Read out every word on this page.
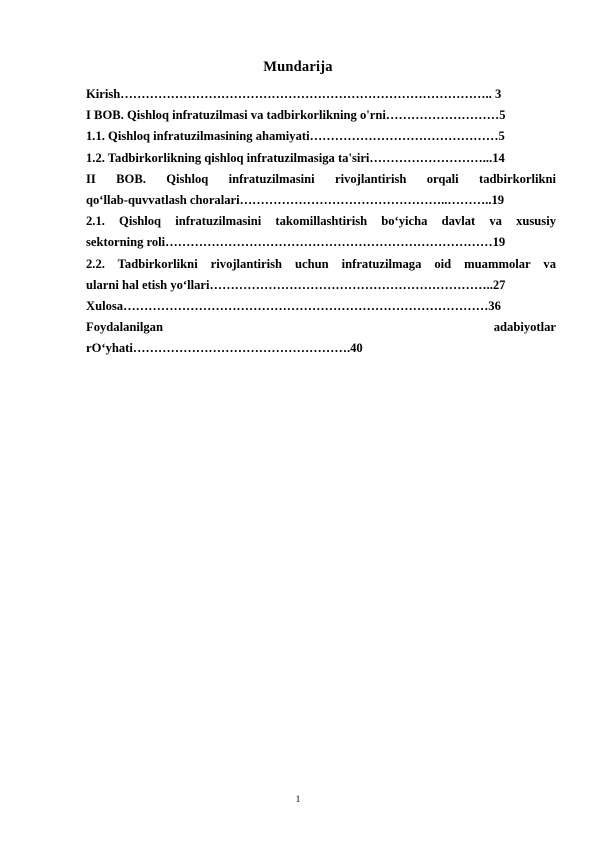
Mundarija
Kirish…………………………………………………………………………….. 3
I BOB. Qishloq infratuzilmasi va tadbirkorlikning o'rni………………………5
1.1. Qishloq infratuzilmasining ahamiyati………………………………………5
1.2. Tadbirkorlikning qishloq infratuzilmasiga ta'siri………………………...14
II BOB. Qishloq infratuzilmasini rivojlantirish orqali tadbirkorlikni
qo‘llab-quvvatlash choralari…………………………………………..………..19
2.1. Qishloq infratuzilmasini takomillashtirish bo‘yicha davlat va xususiy
sektorning roli……………………………………………………………………19
2.2. Tadbirkorlikni rivojlantirish uchun infratuzilmaga oid muammolar va
ularni hal etish yo‘llari…………………………………………………………..27
Xulosa……………………………………………………………………………36
Foydalanilgan adabiyotlar
rO‘yhati…………………………………………….40
1
